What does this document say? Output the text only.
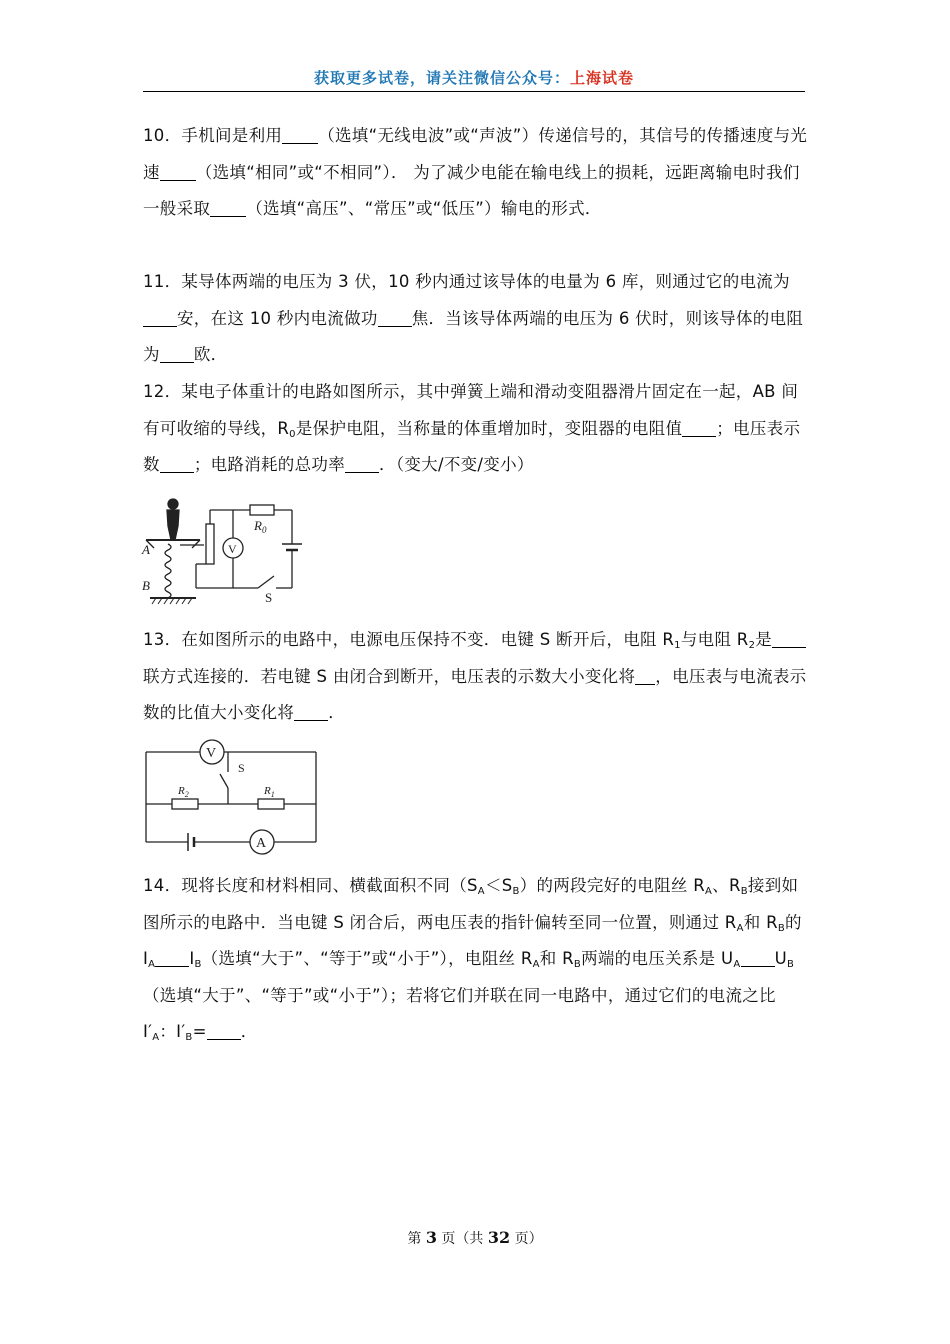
获取更多试卷，请关注微信公众号：上海试卷

10．手机间是利用 （选填“无线电波”或“声波”）传递信号的，其信号的传播速度与光速 （选填“相同”或“不相同”）． 为了减少电能在输电线上的损耗，远距离输电时我们一般采取 （选填“高压”、“常压”或“低压”）输电的形式．

11．某导体两端的电压为 3 伏，10 秒内通过该导体的电量为 6 库，则通过它的电流为安，在这 10 秒内电流做功 焦．当该导体两端的电压为 6 伏时，则该导体的电阻为 欧．

12．某电子体重计的电路如图所示，其中弹簧上端和滑动变阻器滑片固定在一起，AB 间有可收缩的导线，$R_0$是保护电阻，当称量的体重增加时，变阻器的电阻值 ；电压表示数 ；电路消耗的总功率 ．（变大/不变/变小）

A
B
$R_0$
S
V

13．在如图所示的电路中，电源电压保持不变．电键 S 断开后，电阻 $R_1$与电阻 $R_2$是联方式连接的．若电键 S 由闭合到断开，电压表的示数大小变化将 ，电压表与电流表示数的比值大小变化将 ．

V
A
S
$R_2$	$R_1$

14．现将长度和材料相同、横截面积不同$(S_A<S_B)$的两段完好的电阻丝 $R_A$、$R_B$接到如图所示的电路中．当电键 S 闭合后，两电压表的指针偏转至同一位置，则通过 $R_A$和 $R_B$的 $I_A$ $I_B$（选填“大于”、“等于”或“小于”），电阻丝 $R_A$和 $R_B$两端的电压关系是 $U_A$ $U_B$（选填“大于”、“等于”或“小于”）；若将它们并联在同一电路中，通过它们的电流之比 $I'_A$：$I'_B=$ ．

第 3 页（共 32 页）
